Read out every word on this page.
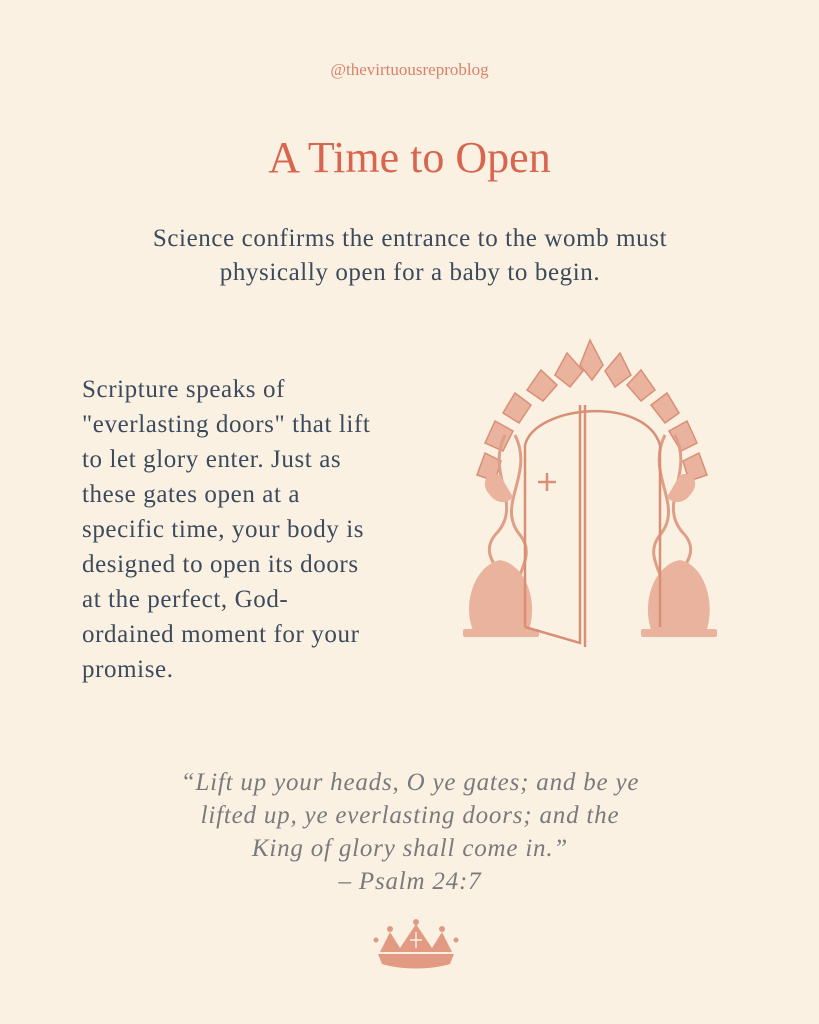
@thevirtuousreproblog
A Time to Open
Science confirms the entrance to the womb must physically open for a baby to begin.
Scripture speaks of
"everlasting doors" that lift
to let glory enter. Just as
these gates open at a
specific time, your body is
designed to open its doors
at the perfect, God-
ordained moment for your
promise.
“Lift up your heads, O ye gates; and be ye
lifted up, ye everlasting doors; and the
King of glory shall come in.”
– Psalm 24:7
